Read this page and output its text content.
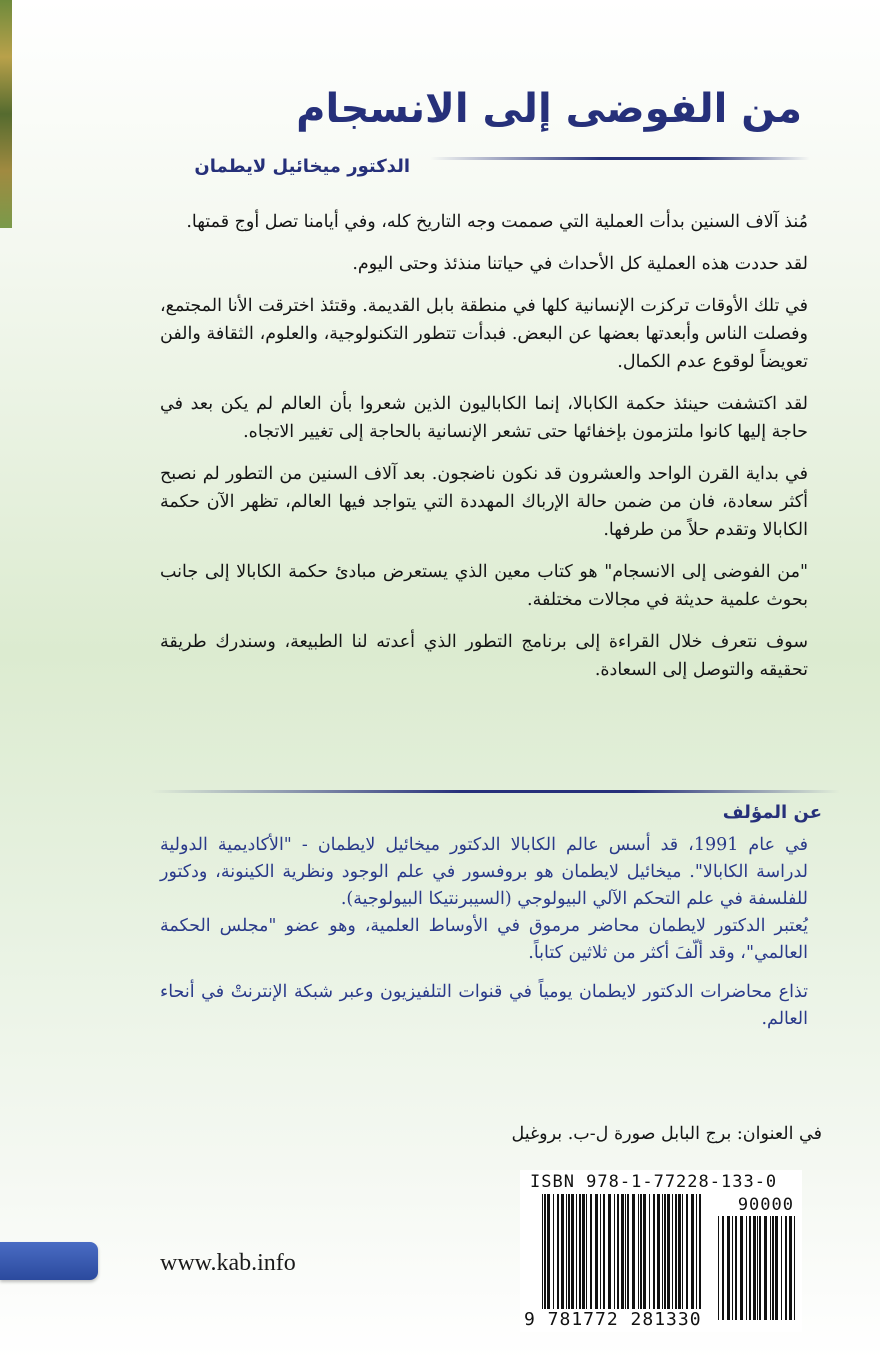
من الفوضى إلى الانسجام
الدكتور ميخائيل لايطمان

مُنذ آلاف السنين بدأت العملية التي صممت وجه التاريخ كله، وفي أيامنا تصل أوج قمتها.

لقد حددت هذه العملية كل الأحداث في حياتنا منذئذ وحتى اليوم.

في تلك الأوقات تركزت الإنسانية كلها في منطقة بابل القديمة. وقتئذ اخترقت الأنا المجتمع، وفصلت الناس وأبعدتها بعضها عن البعض. فبدأت تتطور التكنولوجية، والعلوم، الثقافة والفن تعويضاً لوقوع عدم الكمال.

لقد اكتشفت حينئذ حكمة الكابالا، إنما الكاباليون الذين شعروا بأن العالم لم يكن بعد في حاجة إليها كانوا ملتزمون بإخفائها حتى تشعر الإنسانية بالحاجة إلى تغيير الاتجاه.

في بداية القرن الواحد والعشرون قد نكون ناضجون. بعد آلاف السنين من التطور لم نصبح أكثر سعادة، فان من ضمن حالة الإرباك المهددة التي يتواجد فيها العالم، تظهر الآن حكمة الكابالا وتقدم حلاً من طرفها.

"من الفوضى إلى الانسجام" هو كتاب معين الذي يستعرض مبادئ حكمة الكابالا إلى جانب بحوث علمية حديثة في مجالات مختلفة.

سوف نتعرف خلال القراءة إلى برنامج التطور الذي أعدته لنا الطبيعة، وسندرك طريقة تحقيقه والتوصل إلى السعادة.

عن المؤلف

في عام 1991، قد أسس عالم الكابالا الدكتور ميخائيل لايطمان - "الأكاديمية الدولية لدراسة الكابالا". ميخائيل لايطمان هو بروفسور في علم الوجود ونظرية الكينونة، ودكتور للفلسفة في علم التحكم الآلي البيولوجي (السيبرنتيكا البيولوجية).

يُعتبر الدكتور لايطمان محاضر مرموق في الأوساط العلمية، وهو عضو "مجلس الحكمة العالمي"، وقد ألّفَ أكثر من ثلاثين كتاباً.

تذاع محاضرات الدكتور لايطمان يومياً في قنوات التلفيزيون وعبر شبكة الإنترنتْ في أنحاء العالم.

في العنوان: برج البابل صورة ل-ب. بروغيل
www.kab.info
ISBN 978-1-77228-133-0
90000
9 781772 281330
